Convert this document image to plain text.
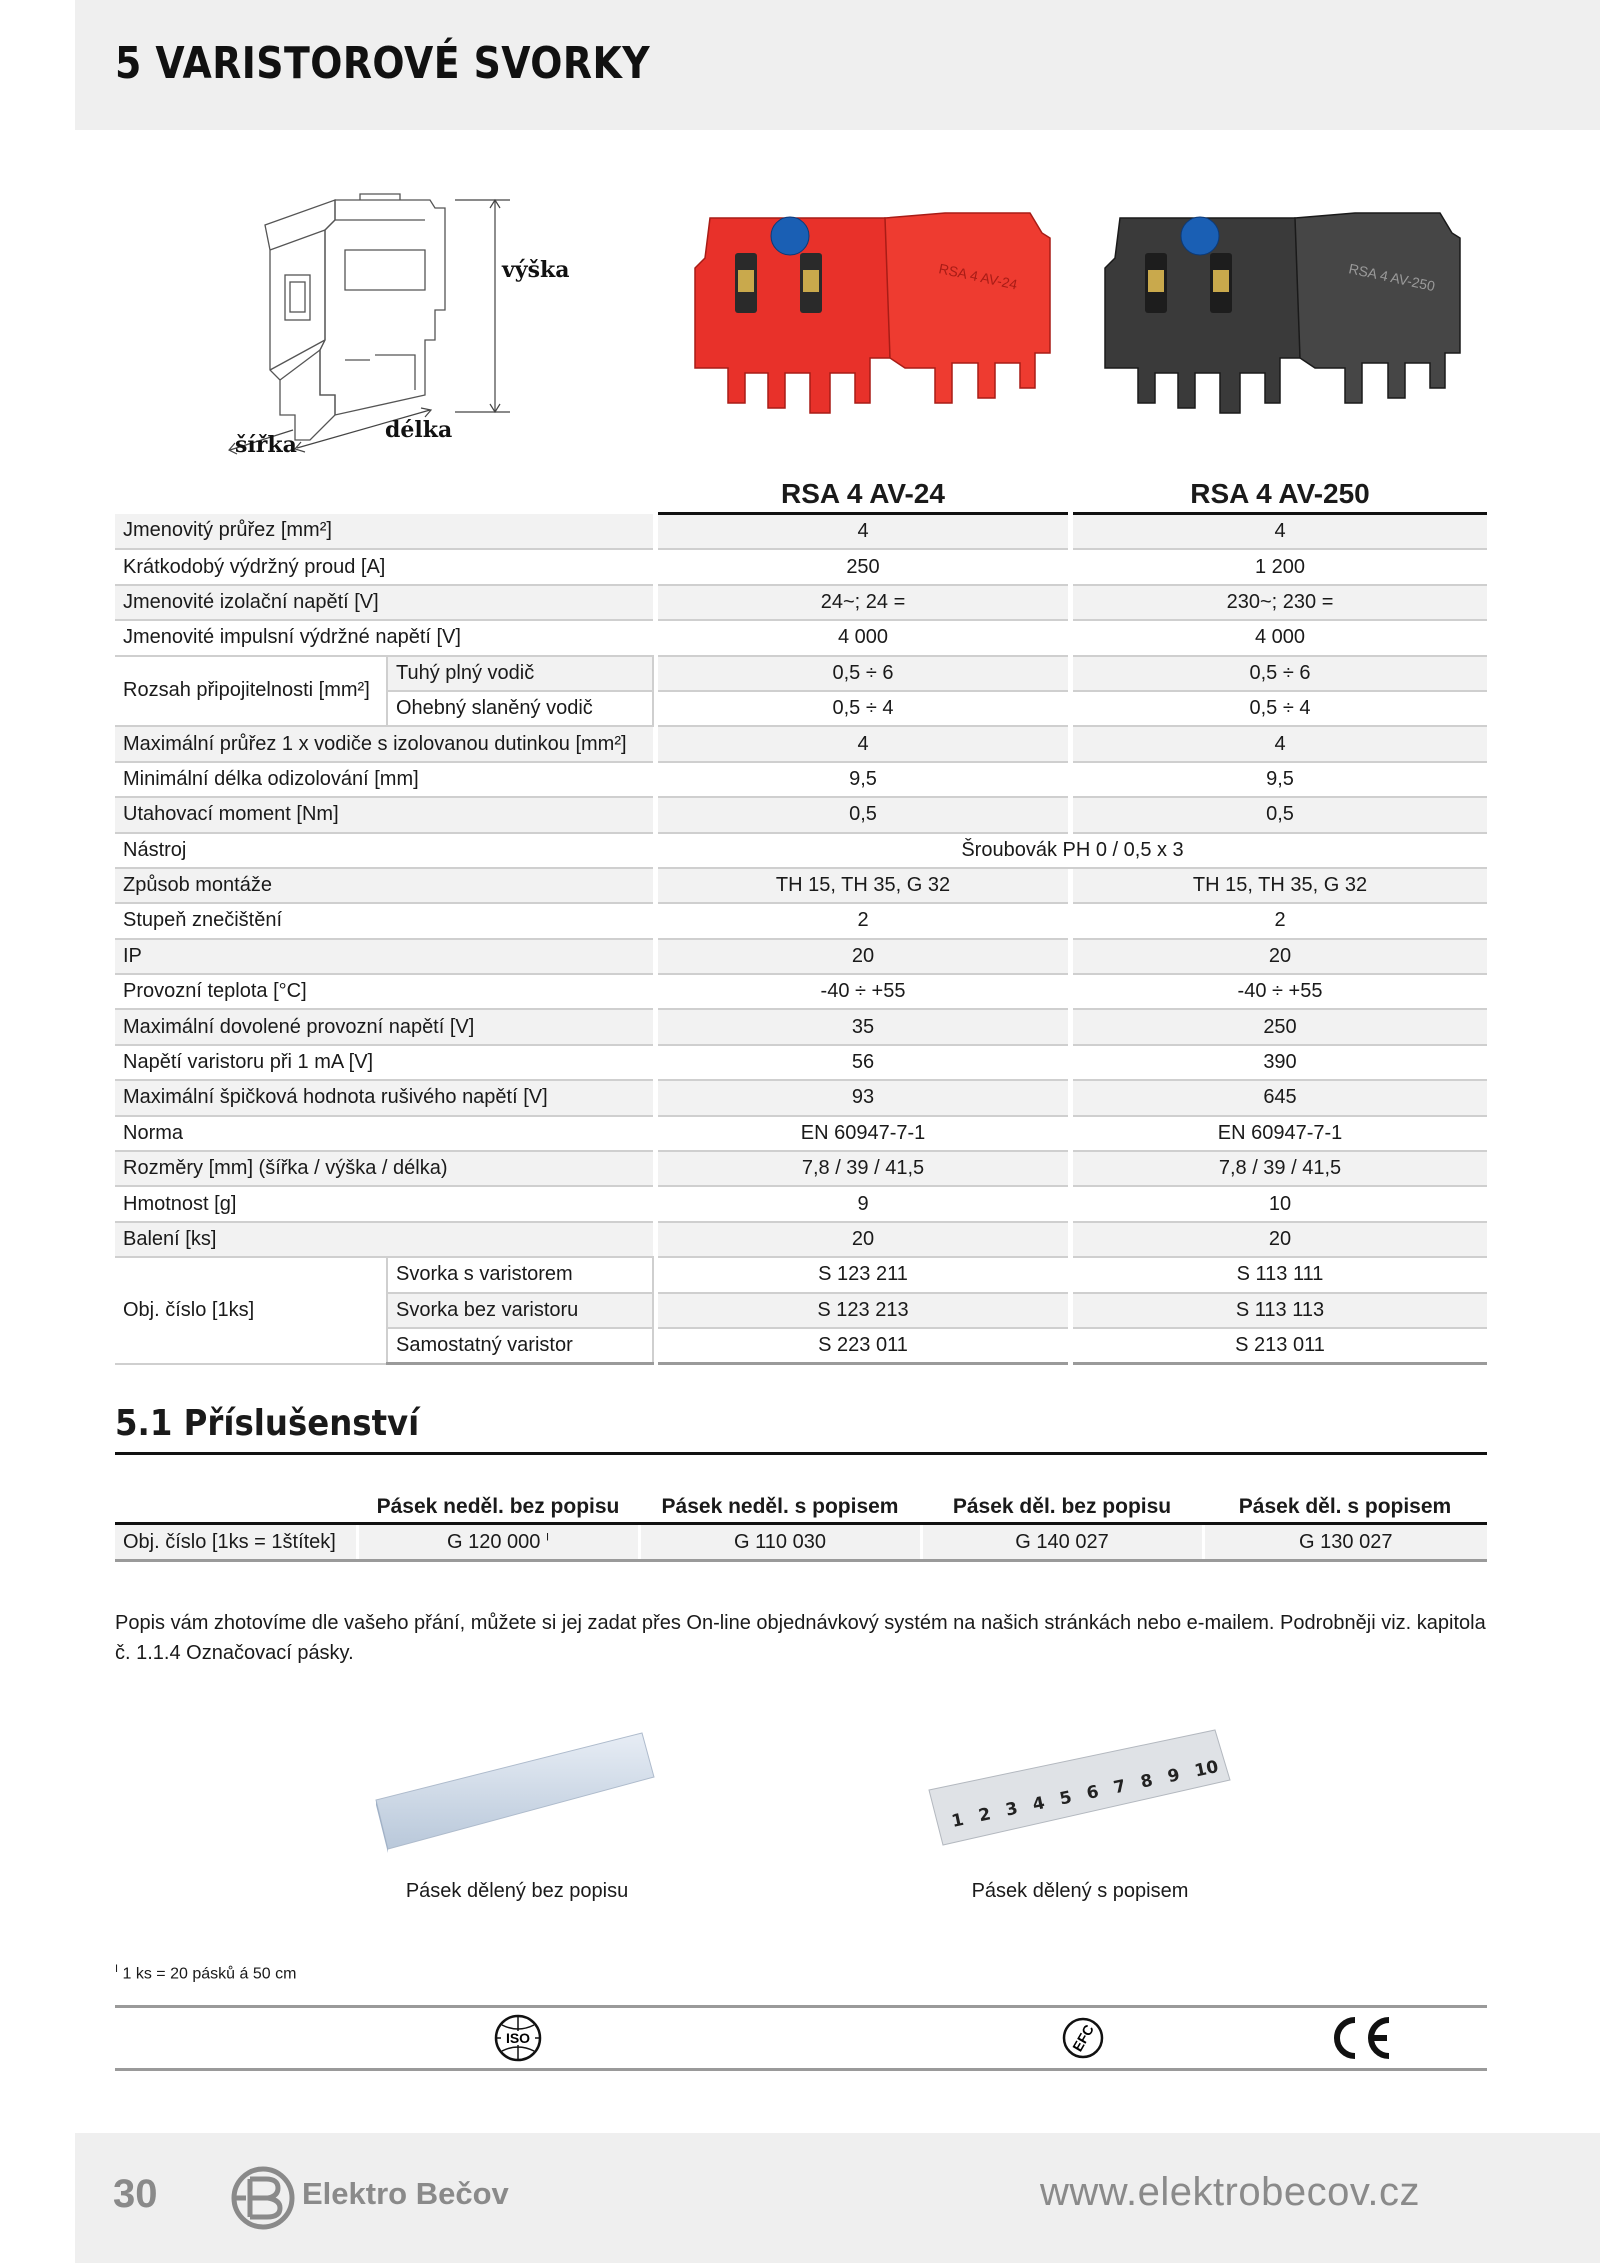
5 VARISTOROVÉ SVORKY
výška
šířka
délka
RSA 4 AV-24	RSA 4 AV-250
			RSA 4 AV-24		RSA 4 AV-250
Jmenovitý průřez [mm²]			4		4
Krátkodobý výdržný proud [A]			250		1 200
Jmenovité izolační napětí [V]			24~; 24 =		230~; 230 =
Jmenovité impulsní výdržné napětí [V]			4 000		4 000
Rozsah připojitelnosti [mm²]	Tuhý plný vodič		0,5 ÷ 6		0,5 ÷ 6
	Ohebný slaněný vodič		0,5 ÷ 4		0,5 ÷ 4
Maximální průřez 1 x vodiče s izolovanou dutinkou [mm²]			4		4
Minimální délka odizolování [mm]			9,5		9,5
Utahovací moment [Nm]			0,5		0,5
Nástroj			Šroubovák PH 0 / 0,5 x 3		
Způsob montáže			TH 15, TH 35, G 32		TH 15, TH 35, G 32
Stupeň znečištění			2		2
IP			20		20
Provozní teplota [°C]			-40 ÷ +55		-40 ÷ +55
Maximální dovolené provozní napětí [V]			35		250
Napětí varistoru při 1 mA [V]			56		390
Maximální špičková hodnota rušivého napětí [V]			93		645
Norma			EN 60947-7-1		EN 60947-7-1
Rozměry [mm] (šířka / výška / délka)			7,8 / 39 / 41,5		7,8 / 39 / 41,5
Hmotnost [g]			9		10
Balení [ks]			20		20
Obj. číslo [1ks]	Svorka s varistorem		S 123 211		S 113 111
	Svorka bez varistoru		S 123 213		S 113 113
	Samostatný varistor		S 223 011		S 213 011
5.1 Příslušenství
	Pásek neděl. bez popisu	Pásek neděl. s popisem	Pásek děl. bez popisu	Pásek děl. s popisem
Obj. číslo [1ks = 1štítek]	G 120 000 $^I$	G 110 030	G 140 027	G 130 027
Popis vám zhotovíme dle vašeho přání, můžete si jej zadat přes On-line objednávkový systém na našich stránkách nebo e-mailem. Podrobněji viz. kapitola č. 1.1.4 Označovací pásky.
Pásek dělený bez popisu
1 2 3 4 5 6 7 8 9 10
Pásek dělený s popisem
$^I$ 1 ks = 20 pásků á 50 cm
ISO	EFC
CE
30	Elektro Bečov	www.elektrobecov.cz
